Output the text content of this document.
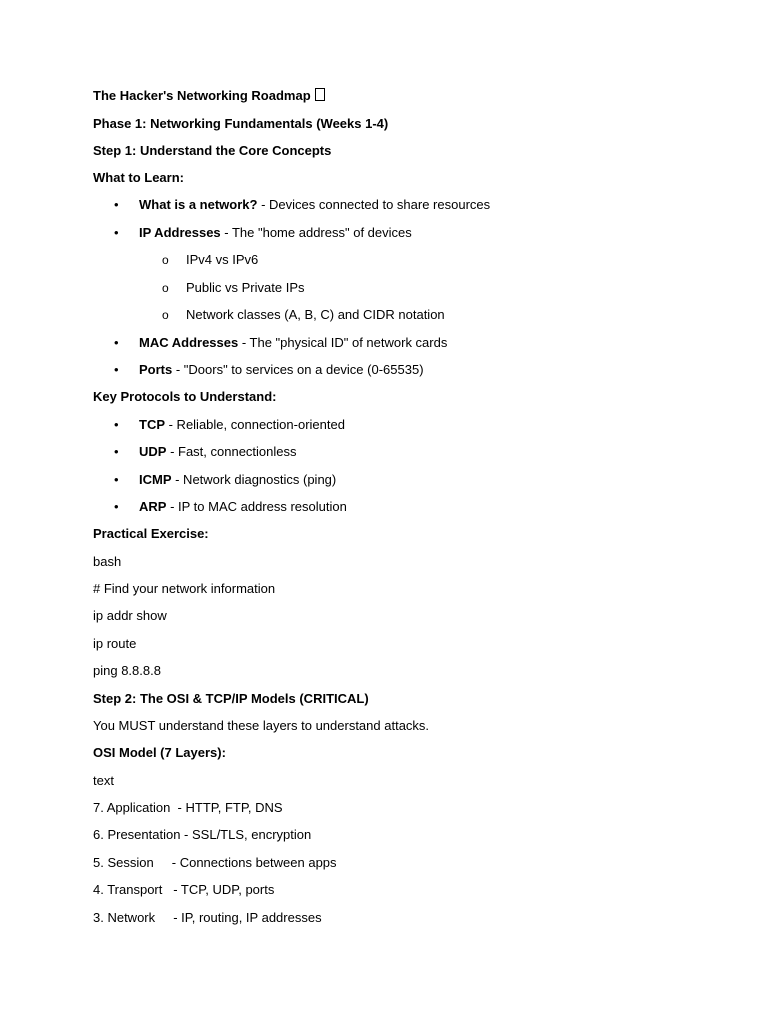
The Hacker's Networking Roadmap
Phase 1: Networking Fundamentals (Weeks 1-4)
Step 1: Understand the Core Concepts
What to Learn:
• What is a network? - Devices connected to share resources
• IP Addresses - The "home address" of devices
o IPv4 vs IPv6
o Public vs Private IPs
o Network classes (A, B, C) and CIDR notation
• MAC Addresses - The "physical ID" of network cards
• Ports - "Doors" to services on a device (0-65535)
Key Protocols to Understand:
• TCP - Reliable, connection-oriented
• UDP - Fast, connectionless
• ICMP - Network diagnostics (ping)
• ARP - IP to MAC address resolution
Practical Exercise:
bash
# Find your network information
ip addr show
ip route
ping 8.8.8.8
Step 2: The OSI & TCP/IP Models (CRITICAL)
You MUST understand these layers to understand attacks.
OSI Model (7 Layers):
text
7. Application  - HTTP, FTP, DNS
6. Presentation - SSL/TLS, encryption
5. Session     - Connections between apps
4. Transport   - TCP, UDP, ports
3. Network     - IP, routing, IP addresses
